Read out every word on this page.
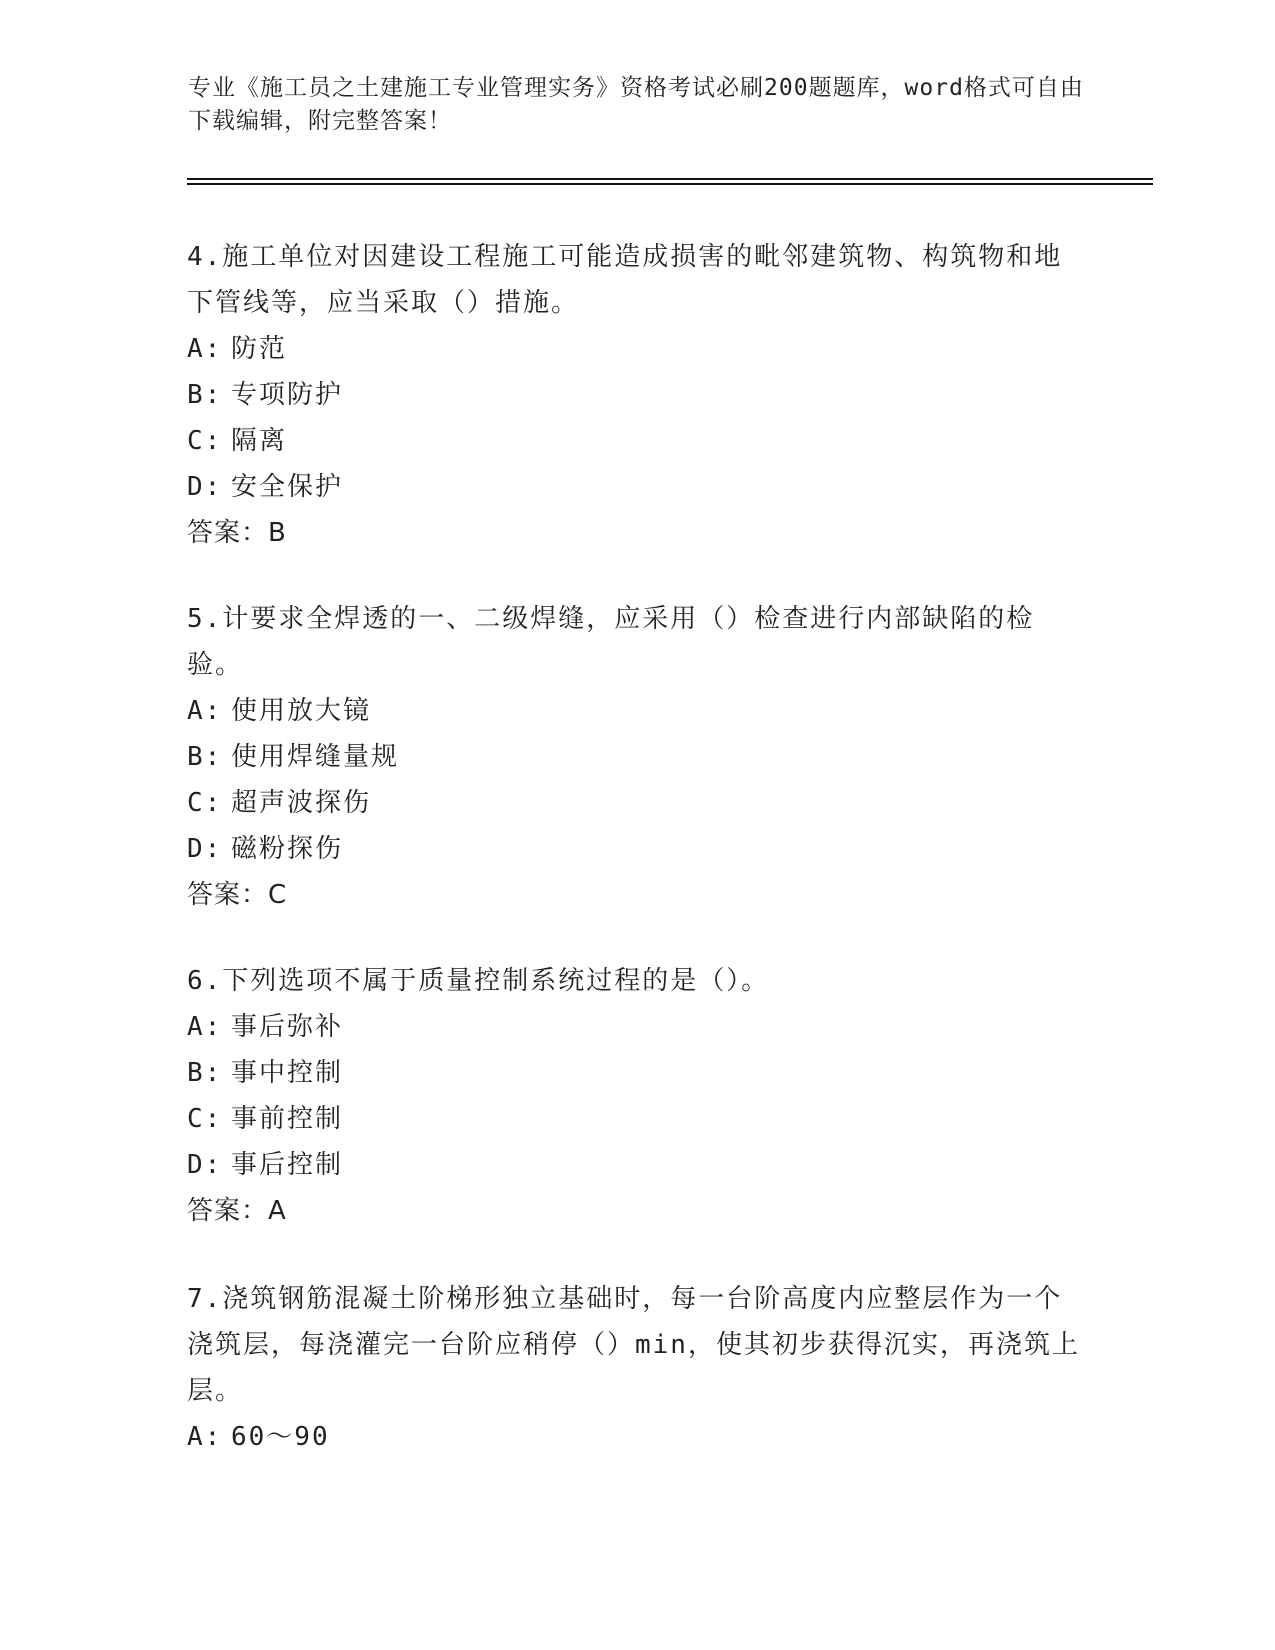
专业《施工员之土建施工专业管理实务》资格考试必刷200题题库，word格式可自由下载编辑，附完整答案！

4.施工单位对因建设工程施工可能造成损害的毗邻建筑物、构筑物和地下管线等，应当采取（）措施。

A: 防范

B: 专项防护

C: 隔离

D: 安全保护

答案：B

5.计要求全焊透的一、二级焊缝，应采用（）检查进行内部缺陷的检验。

A: 使用放大镜

B: 使用焊缝量规

C: 超声波探伤

D: 磁粉探伤

答案：C

6.下列选项不属于质量控制系统过程的是（）。

A: 事后弥补

B: 事中控制

C: 事前控制

D: 事后控制

答案：A

7.浇筑钢筋混凝土阶梯形独立基础时，每一台阶高度内应整层作为一个浇筑层，每浇灌完一台阶应稍停（）min，使其初步获得沉实，再浇筑上层。

A: 60～90
